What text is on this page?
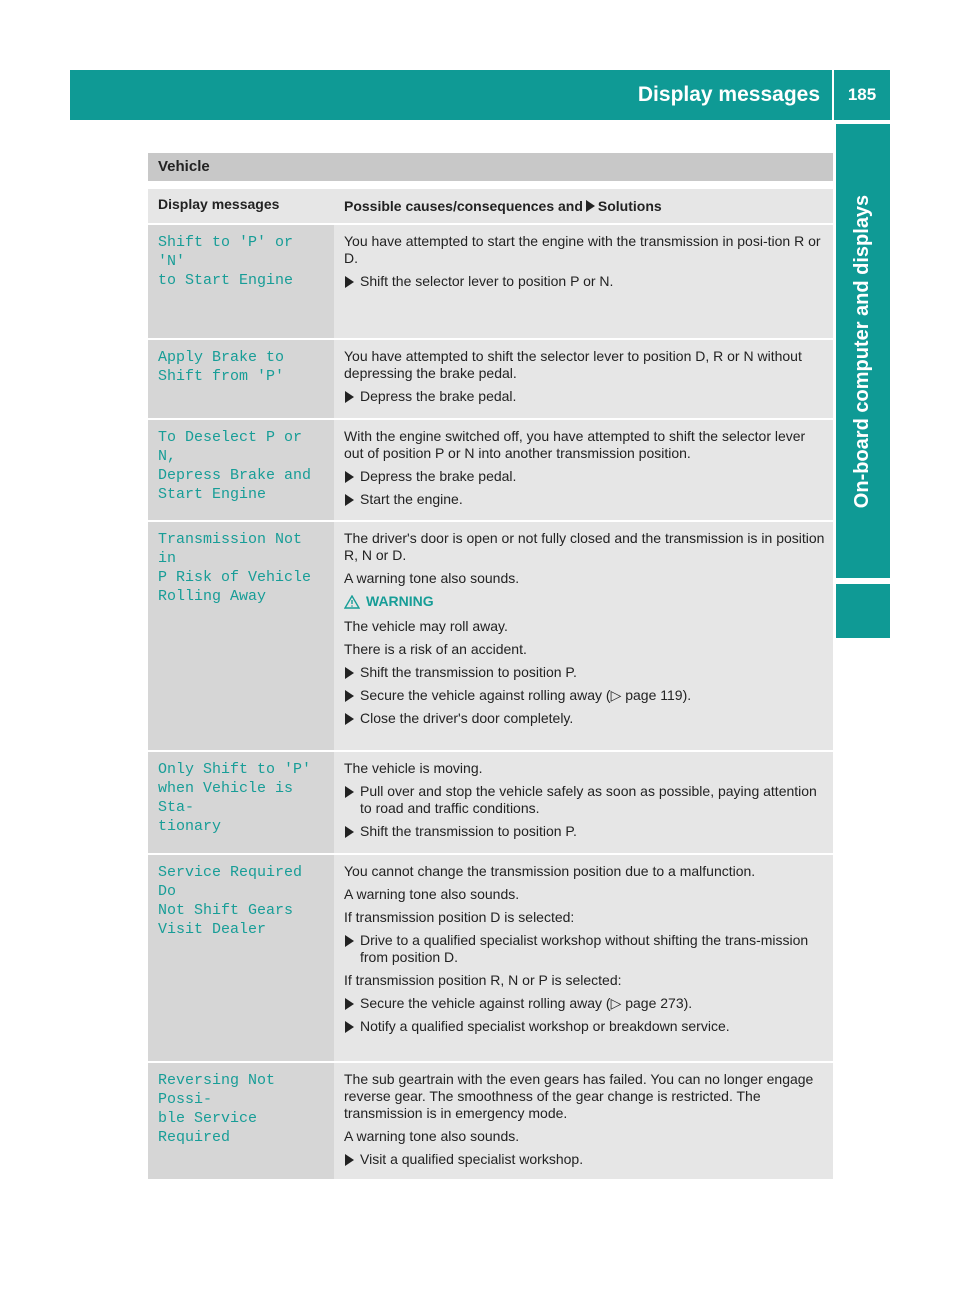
Display messages	185
On-board computer and displays
Vehicle
Display messages	Possible causes/consequences and Solutions
Shift to 'P' or 'N'
to Start Engine

You have attempted to start the engine with the transmission in posi-tion R or D.

Shift the selector lever to position P or N.
Apply Brake to
Shift from 'P'

You have attempted to shift the selector lever to position D, R or N without depressing the brake pedal.

Depress the brake pedal.
To Deselect P or N,
Depress Brake and
Start Engine

With the engine switched off, you have attempted to shift the selector lever out of position P or N into another transmission position.

Depress the brake pedal.
Start the engine.
Transmission Not in
P Risk of Vehicle
Rolling Away

The driver's door is open or not fully closed and the transmission is in position R, N or D.

A warning tone also sounds.

WARNING

The vehicle may roll away.

There is a risk of an accident.

Shift the transmission to position P.
Secure the vehicle against rolling away (▷ page 119).
Close the driver's door completely.
Only Shift to 'P'
when Vehicle is Sta-
tionary

The vehicle is moving.

Pull over and stop the vehicle safely as soon as possible, paying attention to road and traffic conditions.
Shift the transmission to position P.
Service Required Do
Not Shift Gears
Visit Dealer

You cannot change the transmission position due to a malfunction.

A warning tone also sounds.

If transmission position D is selected:

Drive to a qualified specialist workshop without shifting the trans-mission from position D.

If transmission position R, N or P is selected:

Secure the vehicle against rolling away (▷ page 273).
Notify a qualified specialist workshop or breakdown service.
Reversing Not Possi-
ble Service Required

The sub geartrain with the even gears has failed. You can no longer engage reverse gear. The smoothness of the gear change is restricted. The transmission is in emergency mode.

A warning tone also sounds.

Visit a qualified specialist workshop.
